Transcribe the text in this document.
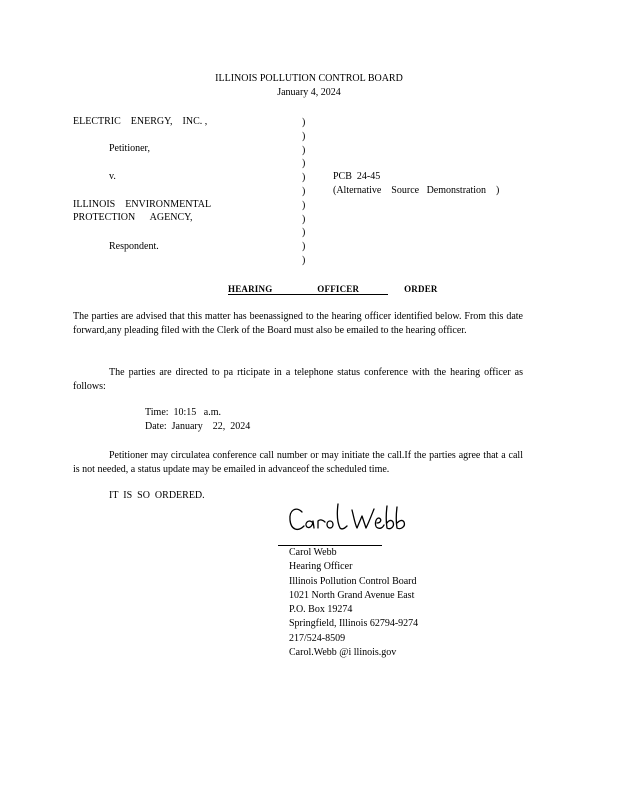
ILLINOIS POLLUTION CONTROL BOARD
January 4, 2024
ELECTRIC    ENERGY,    INC. ,
Petitioner,
v.
ILLINOIS    ENVIRONMENTAL
PROTECTION      AGENCY,
Respondent.
)
)
)
)
)
)
)
)
)
)
)
PCB  24-45
(Alternative    Source   Demonstration    )
HEARING  OFFICER  ORDER
The parties are advised that this matter has beenassigned to the hearing officer identified below. From this date forward,any pleading filed with the Clerk of the Board must also be emailed to the hearing officer.
The parties are directed to pa rticipate in a telephone status conference with the hearing officer as follows:
Time:  10:15   a.m.
Date:  January    22,  2024
Petitioner may circulatea conference call number or may initiate the call.If the parties agree that a call is not needed, a status update may be emailed in advanceof the scheduled time.
IT  IS  SO  ORDERED.
Carol Webb
Hearing Officer
Illinois Pollution Control Board
1021 North Grand Avenue East
P.O. Box 19274
Springfield, Illinois 62794-9274
217/524-8509
Carol.Webb @i llinois.gov
